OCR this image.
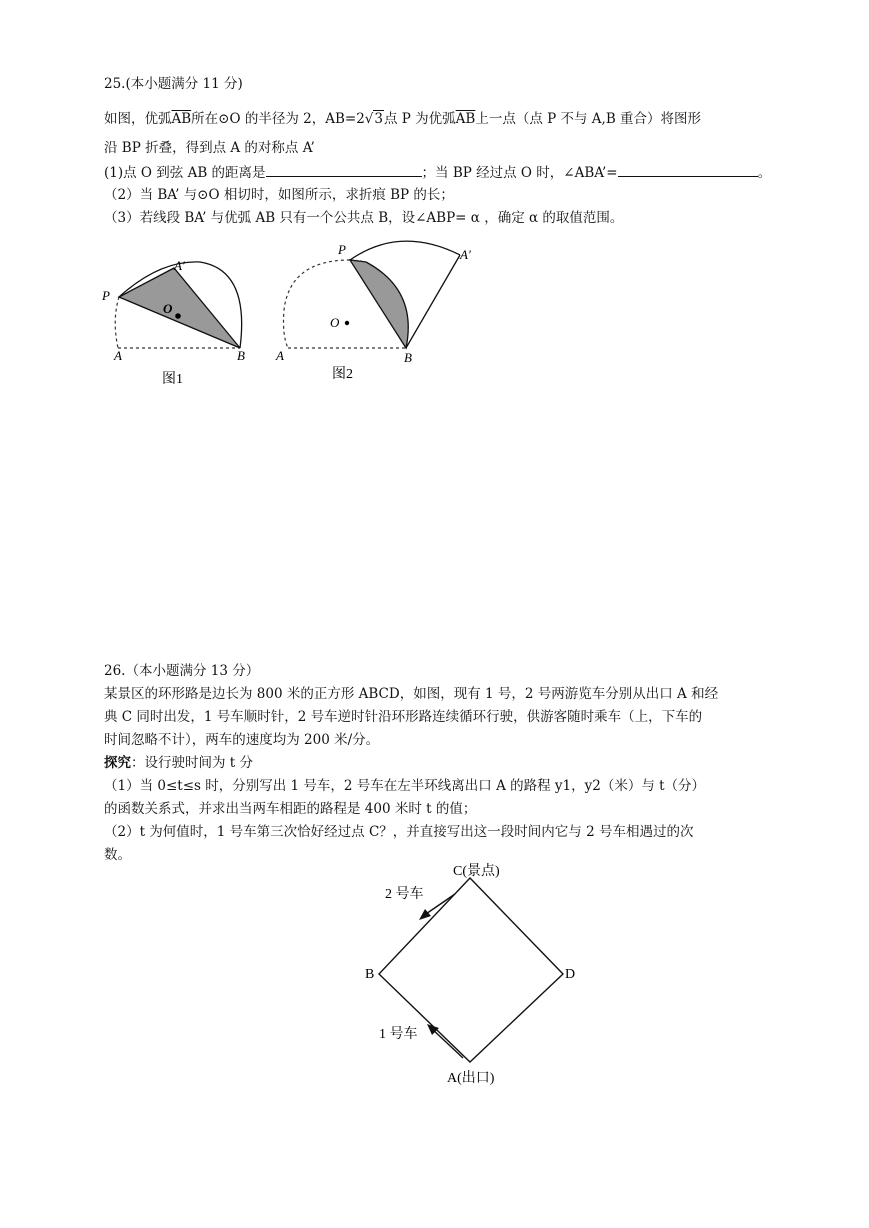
25.(本小题满分 11 分)
如图，优弧$\overline{AB}$所在⊙O 的半径为 2，AB=2√3点 P 为优弧$\overline{AB}$上一点（点 P 不与 A,B 重合）将图形
沿 BP 折叠，得到点 A 的对称点 A’
(1)点 O 到弦 AB 的距离是	；当 BP 经过点 O 时，∠ABA’=	。
（2）当 BA’ 与⊙O 相切时，如图所示，求折痕 BP 的长；
（3）若线段 BA’ 与优弧 AB 只有一个公共点 B，设∠ABP= α ，确定 α 的取值范围。
P
A′
O
A	B
图1
P	A′
O
A	B
图2
26.（本小题满分 13 分）
某景区的环形路是边长为 800 米的正方形 ABCD，如图，现有 1 号，2 号两游览车分别从出口 A 和经
典 C 同时出发，1 号车顺时针，2 号车逆时针沿环形路连续循环行驶，供游客随时乘车（上，下车的
时间忽略不计），两车的速度均为 200 米/分。
探究：设行驶时间为 t 分
（1）当 0≤t≤s 时，分别写出 1 号车，2 号车在左半环线离出口 A 的路程 y1，y2（米）与 t（分）
的函数关系式，并求出当两车相距的路程是 400 米时 t 的值；
（2）t 为何值时，1 号车第三次恰好经过点 C？，并直接写出这一段时间内它与 2 号车相遇过的次
数。
C(景点)
B	D
A(出口)
2 号车
1 号车
